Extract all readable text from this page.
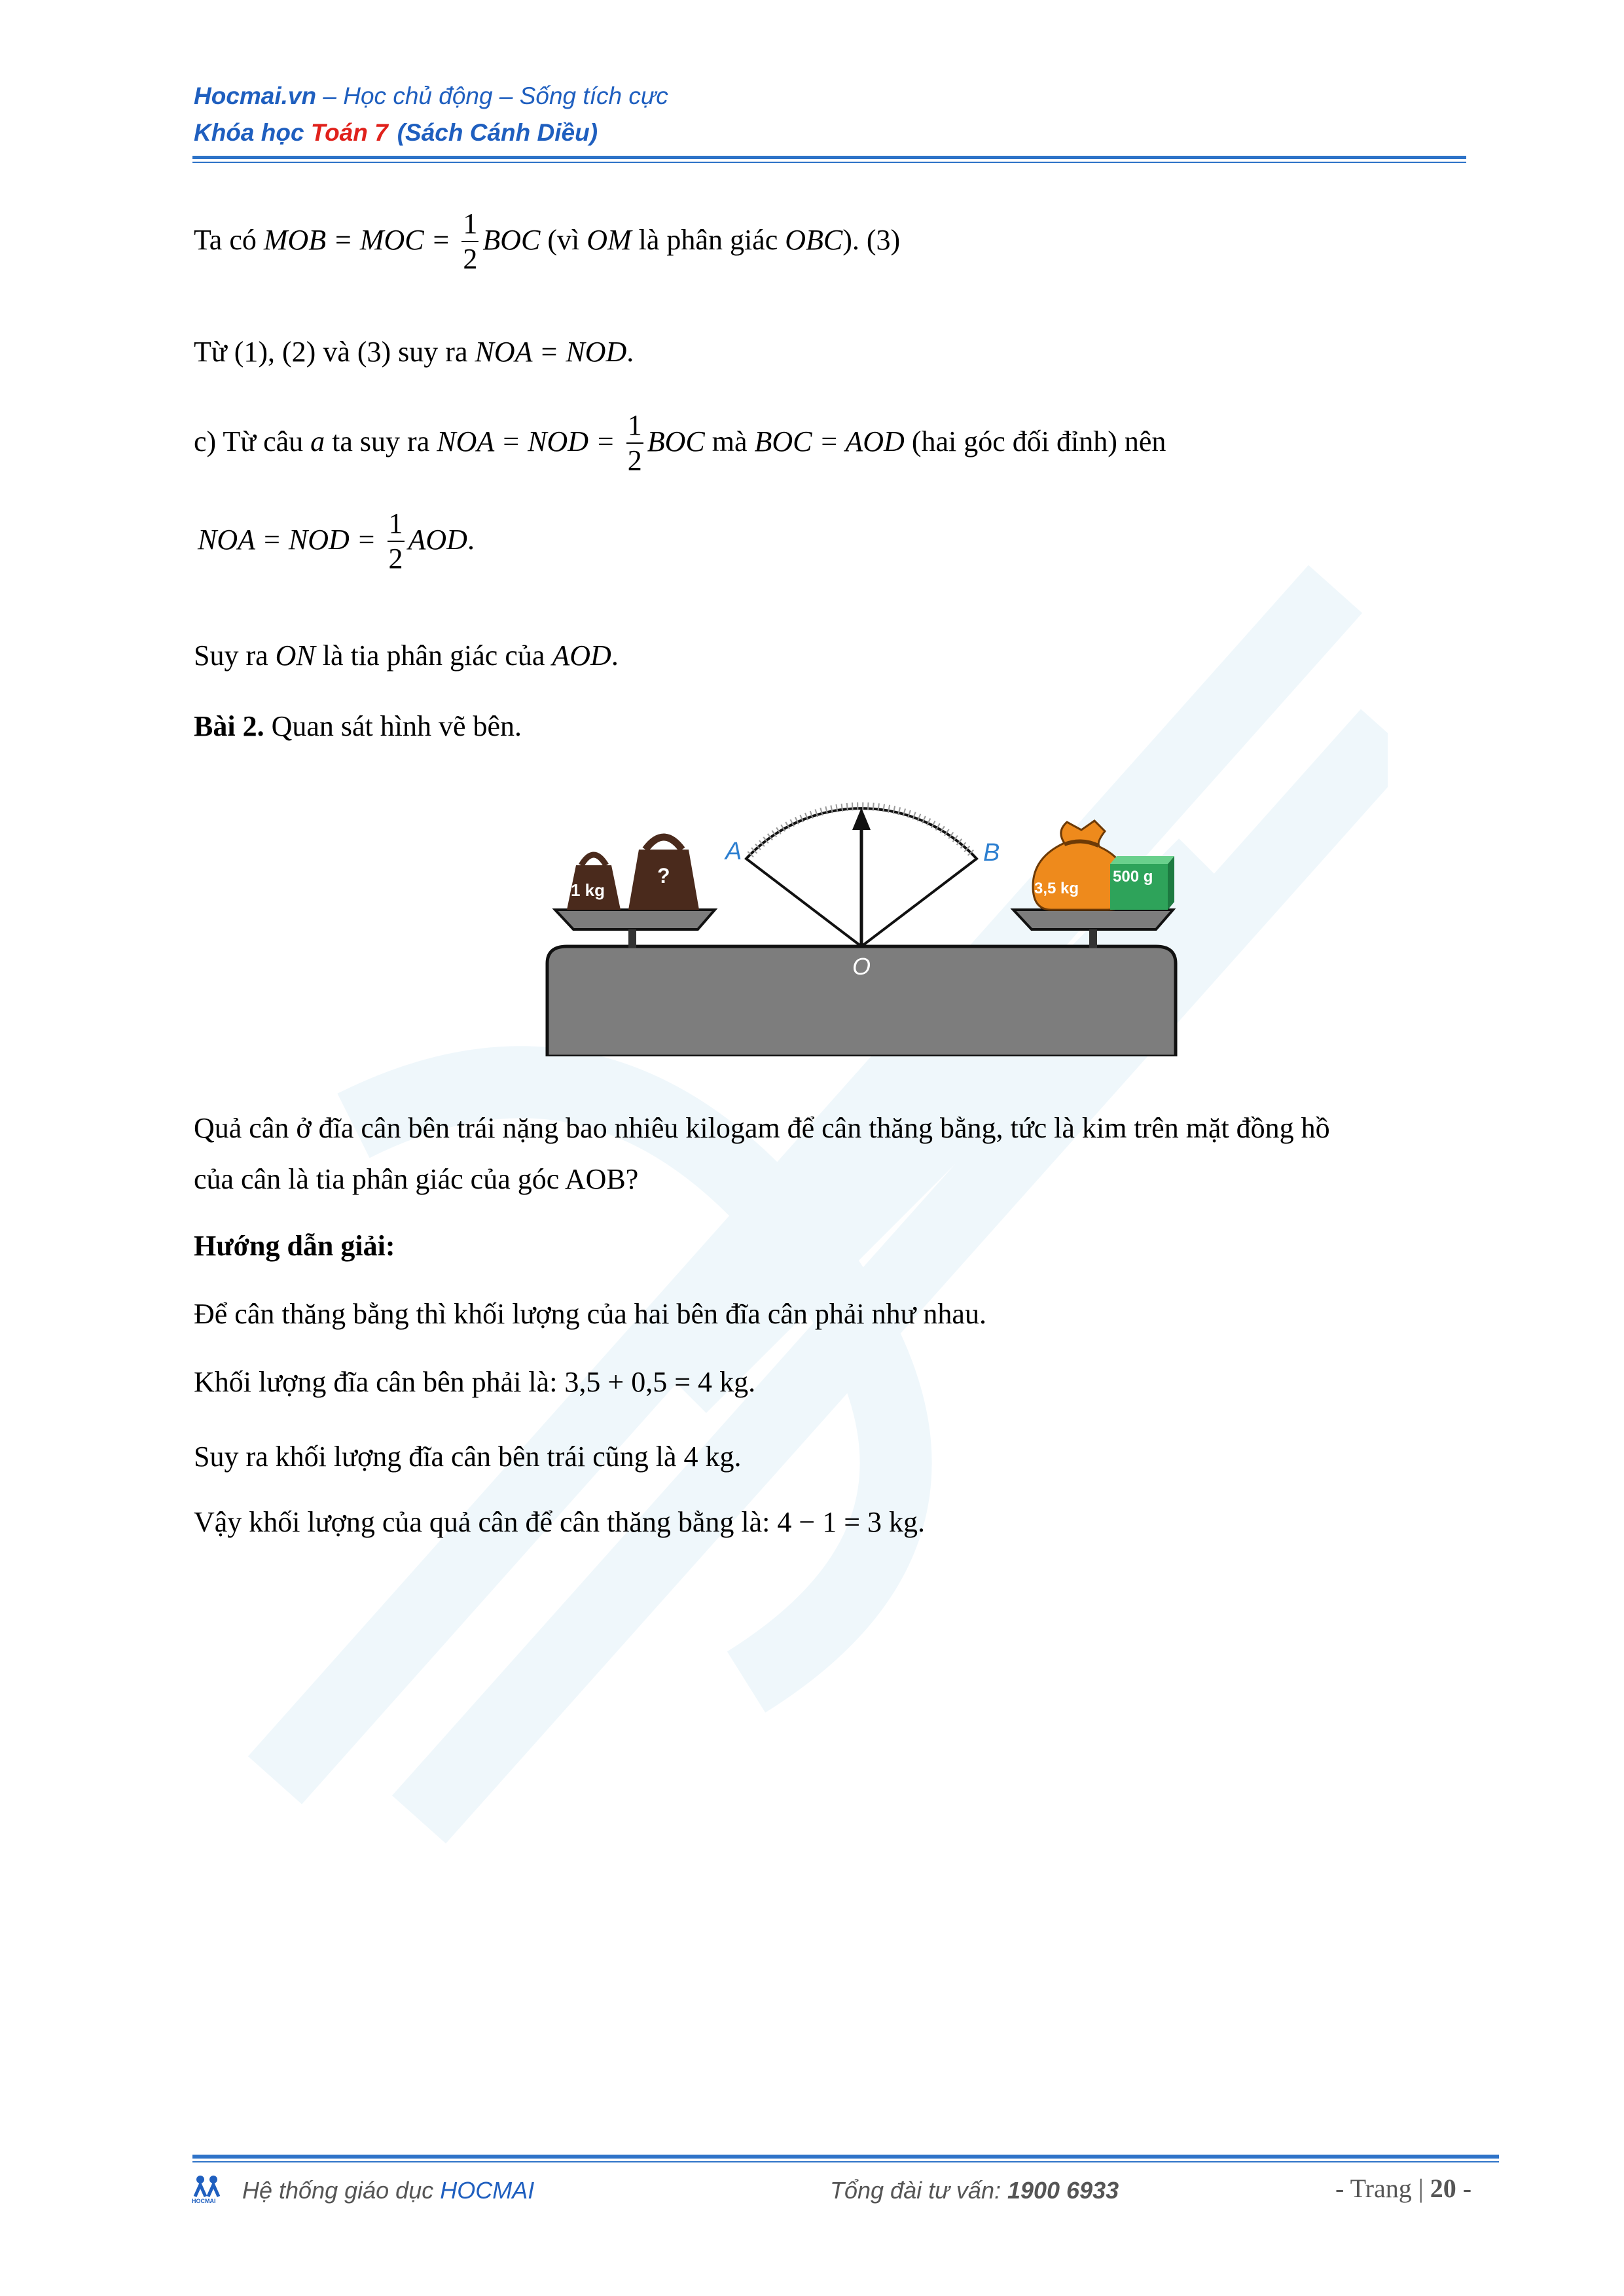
Hocmai.vn – Học chủ động – Sống tích cực
Khóa học Toán 7 (Sách Cánh Diều)
Ta có MOB = MOC = $\frac{1}{2}$ BOC (vì OM là phân giác OBC). (3)
Từ (1), (2) và (3) suy ra NOA = NOD.
c) Từ câu a ta suy ra NOA = NOD = $\frac{1}{2}$ BOC mà BOC = AOD (hai góc đối đỉnh) nên
NOA = NOD = $\frac{1}{2}$ AOD.
Suy ra ON là tia phân giác của AOD.
Bài 2. Quan sát hình vẽ bên.
1 kg
?
A	B
O
3,5 kg
500 g
Quả cân ở đĩa cân bên trái nặng bao nhiêu kilogam để cân thăng bằng, tức là kim trên mặt đồng hồ
của cân là tia phân giác của góc AOB?
Hướng dẫn giải:
Để cân thăng bằng thì khối lượng của hai bên đĩa cân phải như nhau.
Khối lượng đĩa cân bên phải là: 3,5 + 0,5 = 4 kg.
Suy ra khối lượng đĩa cân bên trái cũng là 4 kg.
Vậy khối lượng của quả cân để cân thăng bằng là: 4 − 1 = 3 kg.
HOCMAI Hệ thống giáo dục HOCMAI	Tổng đài tư vấn: 1900 6933	- Trang | 20 -
